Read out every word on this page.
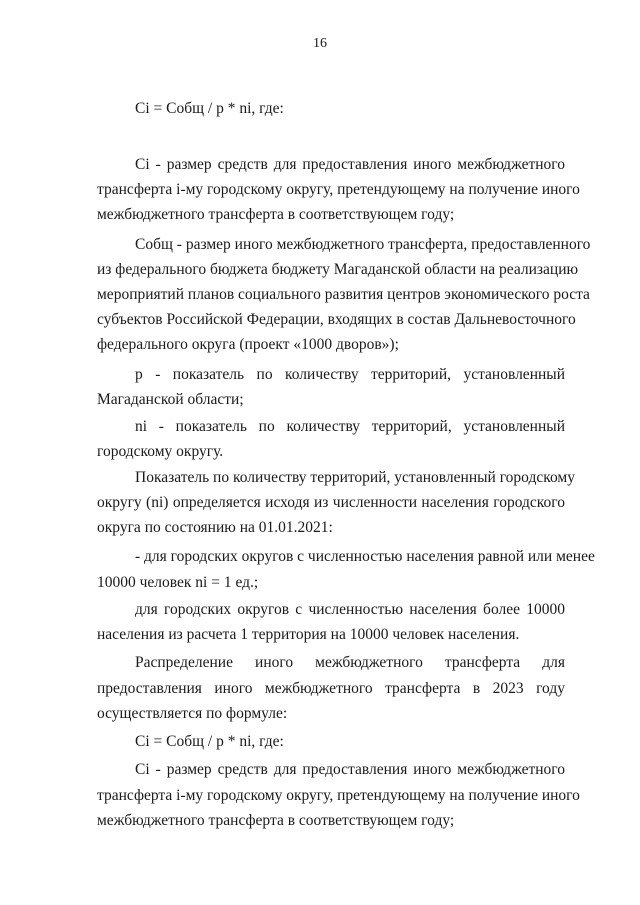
16
Ci = Cобщ / p * ni, где:
Ci - размер средств для предоставления иного межбюджетного
трансферта i-му городскому округу, претендующему на получение иного
межбюджетного трансферта в соответствующем году;
Cобщ - размер иного межбюджетного трансферта, предоставленного
из федерального бюджета бюджету Магаданской области на реализацию
мероприятий планов социального развития центров экономического роста
субъектов Российской Федерации, входящих в состав Дальневосточного
федерального округа (проект «1000 дворов»);
p - показатель по количеству территорий, установленный
Магаданской области;
ni - показатель по количеству территорий, установленный
городскому округу.
Показатель по количеству территорий, установленный городскому
округу (ni) определяется исходя из численности населения городского
округа по состоянию на 01.01.2021:
- для городских округов с численностью населения равной или менее
10000 человек ni = 1 ед.;
для городских округов с численностью населения более 10000
населения из расчета 1 территория на 10000 человек населения.
Распределение иного межбюджетного трансферта для
предоставления иного межбюджетного трансферта в 2023 году
осуществляется по формуле:
Ci = Cобщ / p * ni, где:
Ci - размер средств для предоставления иного межбюджетного
трансферта i-му городскому округу, претендующему на получение иного
межбюджетного трансферта в соответствующем году;
